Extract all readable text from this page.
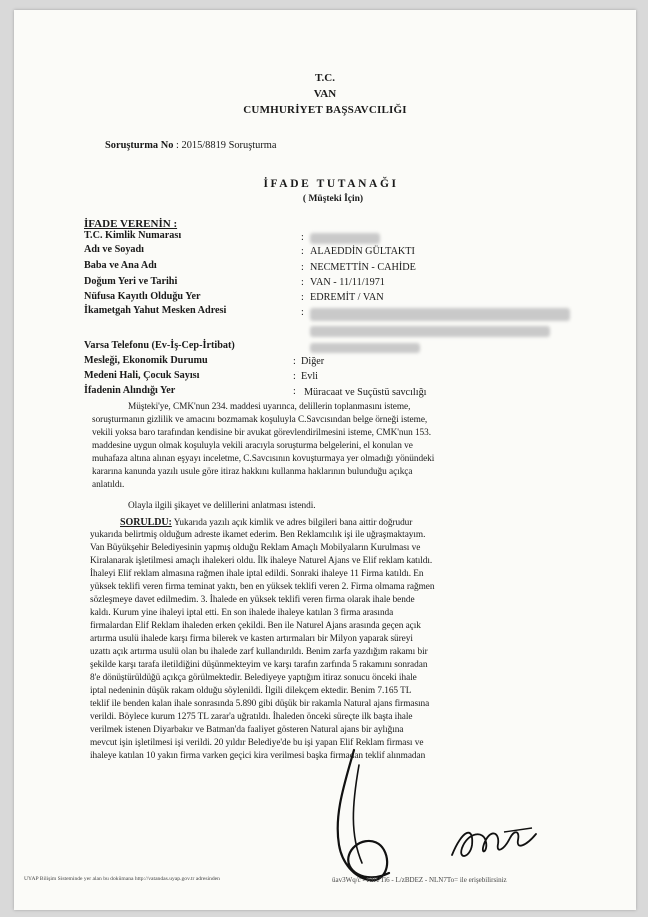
T.C.
VAN
CUMHURİYET BAŞSAVCILIĞI
Soruşturma No : 2015/8819 Soruşturma
İFADE TUTANAĞI
( Müşteki İçin)
İFADE VERENİN :
T.C. Kimlik Numarası
Adı ve Soyadı
Baba ve Ana Adı
Doğum Yeri ve Tarihi
Nüfusa Kayıtlı Olduğu Yer
İkametgah Yahut Mesken Adresi
Varsa Telefonu (Ev-İş-Cep-İrtibat)
Mesleği, Ekonomik Durumu
Medeni Hali, Çocuk Sayısı
İfadenin Alındığı Yer
:
:
:
:
:
:
:
:
:
ALAEDDİN GÜLTAKTI
NECMETTİN - CAHİDE
VAN - 11/11/1971
EDREMİT / VAN
Diğer
Evli
Müracaat ve Suçüstü savcılığı
Müşteki'ye, CMK'nun 234. maddesi uyarınca, delillerin toplanmasını isteme,
soruşturmanın gizlilik ve amacını bozmamak koşuluyla C.Savcısından belge örneği isteme,
vekili yoksa baro tarafından kendisine bir avukat görevlendirilmesini isteme, CMK'nun 153.
maddesine uygun olmak koşuluyla vekili aracıyla soruşturma belgelerini, el konulan ve
muhafaza altına alınan eşyayı inceletme, C.Savcısının kovuşturmaya yer olmadığı yönündeki
kararına kanunda yazılı usule göre itiraz hakkını kullanma haklarının bulunduğu açıkça
anlatıldı.
Olayla ilgili şikayet ve delillerini anlatması istendi.
SORULDU: Yukarıda yazılı açık kimlik ve adres bilgileri bana aittir doğrudur
yukarıda belirtmiş olduğum adreste ikamet ederim. Ben Reklamcılık işi ile uğraşmaktayım.
Van Büyükşehir Belediyesinin yapmış olduğu Reklam Amaçlı Mobilyaların Kurulması ve
Kiralanarak işletilmesi amaçlı ihalekeri oldu. İlk ihaleye Naturel Ajans ve Elif reklam katıldı.
İhaleyi Elif reklam almasına rağmen ihale iptal edildi. Sonraki ihaleye 11 Firma katıldı. En
yüksek teklifi veren firma teminat yaktı, ben en yüksek teklifi veren 2. Firma olmama rağmen
sözleşmeye davet edilmedim. 3. İhalede en yüksek teklifi veren firma olarak ihale bende
kaldı. Kurum yine ihaleyi iptal etti. En son ihalede ihaleye katılan 3 firma arasında
firmalardan Elif Reklam ihaleden erken çekildi. Ben ile Naturel Ajans arasında geçen açık
artırma usulü ihalede karşı firma bilerek ve kasten artırmaları bir Milyon yaparak süreyi
uzattı açık artırma usulü olan bu ihalede zarf kullandırıldı. Benim zarfa yazdığım rakamı bir
şekilde karşı tarafa iletildiğini düşünmekteyim ve karşı tarafın zarfında 5 rakamını sonradan
8'e dönüştürüldüğü açıkça görülmektedir. Belediyeye yaptığım itiraz sonucu önceki ihale
iptal nedeninin düşük rakam olduğu söylenildi. İlgili dilekçem ektedir. Benim 7.165 TL
teklif ile benden kalan ihale sonrasında 5.890 gibi düşük bir rakamla Natural ajans firmasına
verildi. Böylece kurum 1275 TL zarar'a uğratıldı. İhaleden önceki süreçte ilk başta ihale
verilmek istenen Diyarbakır ve Batman'da faaliyet gösteren Natural ajans bir aylığına
mevcut işin işletilmesi işi verildi. 20 yıldır Belediye'de bu işi yapan Elif Reklam firması ve
ihaleye katılan 10 yakın firma varken geçici kira verilmesi başka firmadan teklif alınmadan
UYAP Bilişim Sisteminde yer alan bu dokümana http://vatandas.uyap.gov.tr adresinden	üav3Wq/c - KiR/Ti6 - L/zBDEZ - NLN7To= ile erişebilirsiniz
